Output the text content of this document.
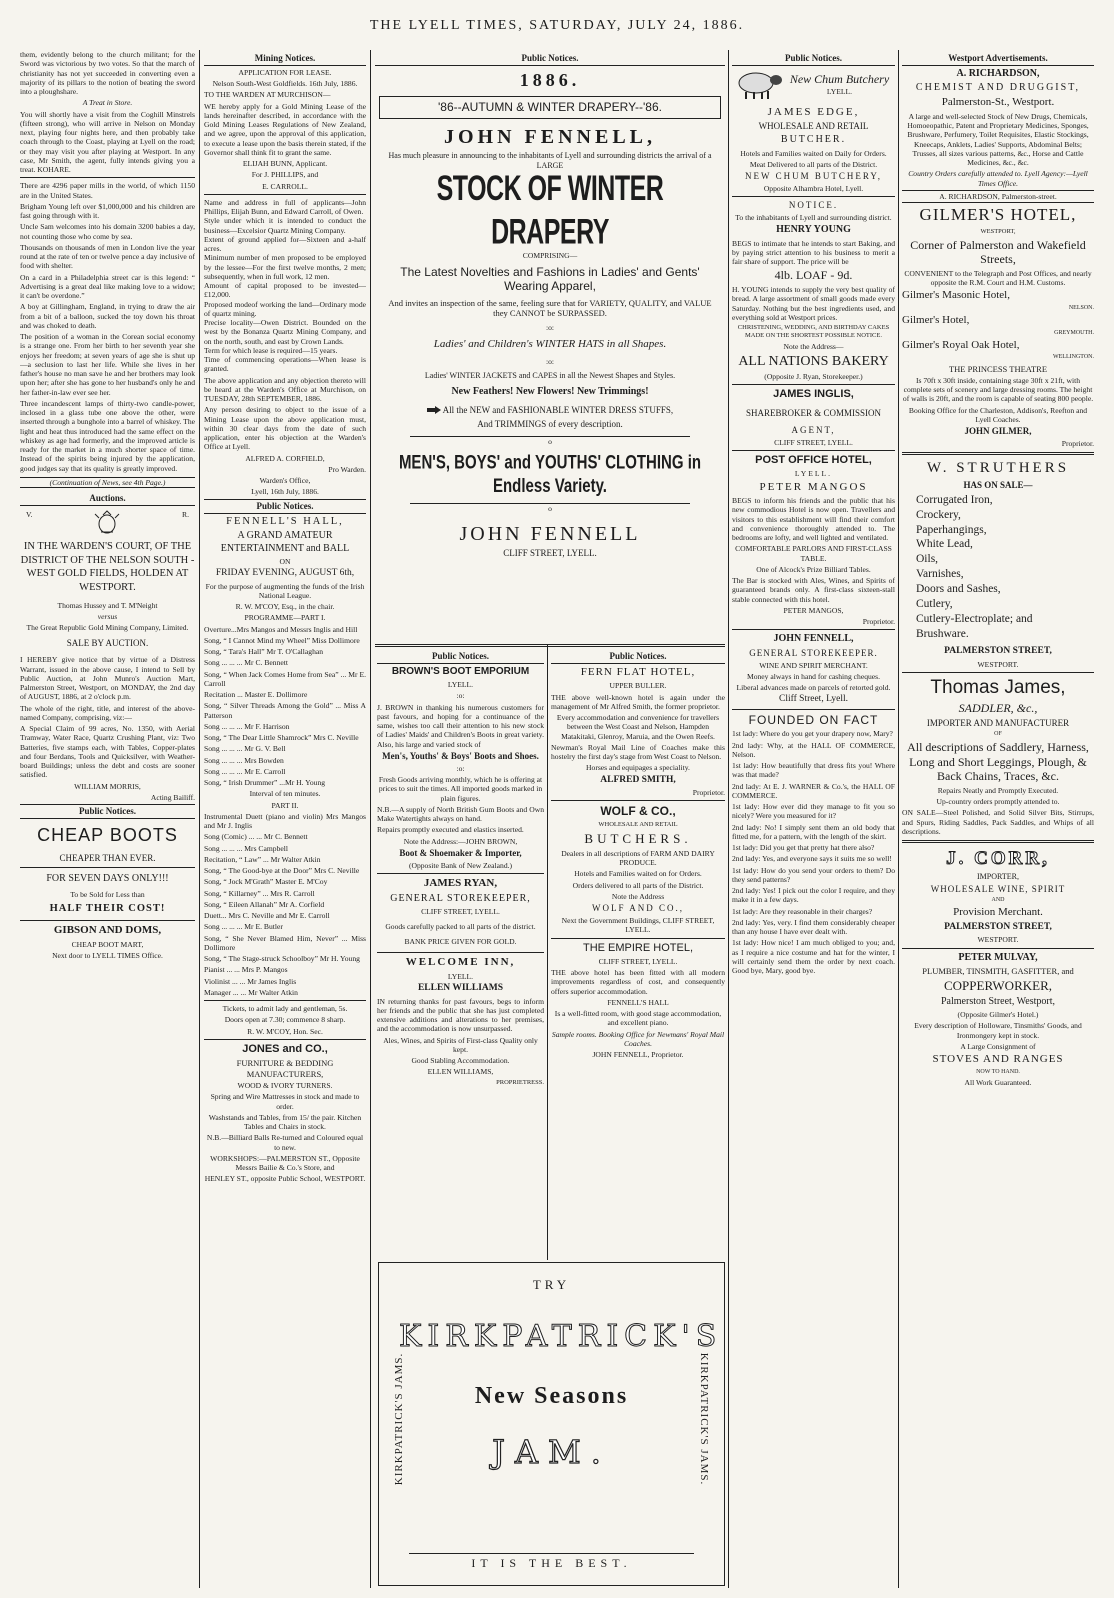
THE LYELL TIMES, SATURDAY, JULY 24, 1886.

them, evidently belong to the church militant; for the Sword was victorious by two votes. So that the march of christianity has not yet succeeded in converting even a majority of its pillars to the notion of beating the sword into a ploughshare.

A Treat in Store.

You will shortly have a visit from the Coghill Minstrels (fifteen strong), who will arrive in Nelson on Monday next, playing four nights here, and then probably take coach through to the Coast, playing at Lyell on the road; or they may visit you after playing at Westport. In any case, Mr Smith, the agent, fully intends giving you a treat. KOHARE.

There are 4296 paper mills in the world, of which 1150 are in the United States.

Brigham Young left over $1,000,000 and his children are fast going through with it.

Uncle Sam welcomes into his domain 3200 babies a day, not counting those who come by sea.

Thousands on thousands of men in London live the year round at the rate of ten or twelve pence a day inclusive of food with shelter.

On a card in a Philadelphia street car is this legend: “ Advertising is a great deal like making love to a widow; it can't be overdone.”

A boy at Gillingham, England, in trying to draw the air from a bit of a balloon, sucked the toy down his throat and was choked to death.

The position of a woman in the Corean social economy is a strange one. From her birth to her seventh year she enjoys her freedom; at seven years of age she is shut up—a seclusion to last her life. While she lives in her father's house no man save he and her brothers may look upon her; after she has gone to her husband's only he and her father-in-law ever see her.

Three incandescent lamps of thirty-two candle-power, inclosed in a glass tube one above the other, were inserted through a bunghole into a barrel of whiskey. The light and heat thus introduced had the same effect on the whiskey as age had formerly, and the improved article is ready for the market in a much shorter space of time. Instead of the spirits being injured by the application, good judges say that its quality is greatly improved.

(Continuation of News, see 4th Page.)

Auctions.
V.	R.

IN THE WARDEN'S COURT, OF THE DISTRICT OF THE NELSON SOUTH - WEST GOLD FIELDS, HOLDEN AT WESTPORT.

Thomas Hussey and T. M'Neight

versus

The Great Republic Gold Mining Company, Limited.

SALE BY AUCTION.

I HEREBY give notice that by virtue of a Distress Warrant, issued in the above cause, I intend to Sell by Public Auction, at John Munro's Auction Mart, Palmerston Street, Westport, on MONDAY, the 2nd day of AUGUST, 1886, at 2 o'clock p.m.

The whole of the right, title, and interest of the above-named Company, comprising, viz:—

A Special Claim of 99 acres, No. 1350, with Aerial Tramway, Water Race, Quartz Crushing Plant, viz: Two Batteries, five stamps each, with Tables, Copper-plates and four Berdans, Tools and Quicksilver, with Weather-board Buildings; unless the debt and costs are sooner satisfied.

WILLIAM MORRIS,

Acting Bailiff.

Public Notices.

CHEAP BOOTS

CHEAPER THAN EVER.

FOR SEVEN DAYS ONLY!!!

To be Sold for Less than

HALF THEIR COST!

GIBSON AND DOMS,

CHEAP BOOT MART,

Next door to LYELL TIMES Office.

Mining Notices.

APPLICATION FOR LEASE.

Nelson South-West Goldfields. 16th July, 1886.

TO THE WARDEN AT MURCHISON—

WE hereby apply for a Gold Mining Lease of the lands hereinafter described, in accordance with the Gold Mining Leases Regulations of New Zealand, and we agree, upon the approval of this application, to execute a lease upon the basis therein stated, if the Governor shall think fit to grant the same.

ELIJAH BUNN, Applicant.

For J. PHILLIPS, and

E. CARROLL.

Name and address in full of applicants—John Phillips, Elijah Bunn, and Edward Carroll, of Owen.
Style under which it is intended to conduct the business—Excelsior Quartz Mining Company.
Extent of ground applied for—Sixteen and a-half acres.
Minimum number of men proposed to be employed by the lessee—For the first twelve months, 2 men; subsequently, when in full work, 12 men.
Amount of capital proposed to be invested—£12,000.
Proposed modeof working the land—Ordinary mode of quartz mining.
Precise locality—Owen District. Bounded on the west by the Bonanza Quartz Mining Company, and on the north, south, and east by Crown Lands.
Term for which lease is required—15 years.
Time of commencing operations—When lease is granted.

The above application and any objection thereto will be heard at the Warden's Office at Murchison, on TUESDAY, 28th SEPTEMBER, 1886.

Any person desiring to object to the issue of a Mining Lease upon the above application must, within 30 clear days from the date of such application, enter his objection at the Warden's Office at Lyell.

ALFRED A. CORFIELD,

Pro Warden.

Warden's Office,

Lyell, 16th July, 1886.

Public Notices.

FENNELL'S HALL,

A GRAND AMATEUR ENTERTAINMENT and BALL

ON

FRIDAY EVENING, AUGUST 6th,

For the purpose of augmenting the funds of the Irish National League.

R. W. M'COY, Esq., in the chair.

PROGRAMME—PART I.

Overture...Mrs Mangos and Messrs Inglis and Hill

Song, “ I Cannot Mind my Wheel” Miss Dollimore

Song, “ Tara's Hall” Mr T. O'Callaghan

Song ... ... ... Mr C. Bennett

Song, “ When Jack Comes Home from Sea” ... Mr E. Carroll

Recitation ... Master E. Dollimore

Song, “ Silver Threads Among the Gold” ... Miss A Patterson

Song ... ... ... Mr F. Harrison

Song, “ The Dear Little Shamrock” Mrs C. Neville

Song ... ... ... Mr G. V. Bell

Song ... ... ... Mrs Bowden

Song ... ... ... Mr E. Carroll

Song, “ Irish Drummer” ...Mr H. Young

Interval of ten minutes.

PART II.

Instrumental Duett (piano and violin) Mrs Mangos and Mr J. Inglis

Song (Comic) ... ... Mr C. Bennett

Song ... ... ... Mrs Campbell

Recitation, “ Law” ... Mr Walter Atkin

Song, “ The Good-bye at the Door” Mrs C. Neville

Song, “ Jock M'Grath” Master E. M'Coy

Song, “ Killarney” ... Mrs R. Carroll

Song, “ Eileen Allanah” Mr A. Corfield

Duett... Mrs C. Neville and Mr E. Carroll

Song ... ... ... Mr E. Butler

Song, “ She Never Blamed Him, Never” ... Miss Dollimore

Song, “ The Stage-struck Schoolboy” Mr H. Young

Pianist ... ... Mrs P. Mangos

Violinist ... ... Mr James Inglis

Manager ... ... Mr Walter Atkin

Tickets, to admit lady and gentleman, 5s.

Doors open at 7.30; commence 8 sharp.

R. W. M'COY, Hon. Sec.

JONES and CO.,

FURNITURE & BEDDING MANUFACTURERS,

WOOD & IVORY TURNERS.

Spring and Wire Mattresses in stock and made to order.

Washstands and Tables, from 15/ the pair. Kitchen Tables and Chairs in stock.

N.B.—Billiard Balls Re-turned and Coloured equal to new.

WORKSHOPS:—PALMERSTON ST., Opposite Messrs Bailie & Co.'s Store, and

HENLEY ST., opposite Public School, WESTPORT.

Public Notices.

1886.

'86--AUTUMN & WINTER DRAPERY--'86.

JOHN FENNELL,

Has much pleasure in announcing to the inhabitants of Lyell and surrounding districts the arrival of a LARGE

STOCK OF WINTER DRAPERY

COMPRISING—

The Latest Novelties and Fashions in Ladies' and Gents' Wearing Apparel,

And invites an inspection of the same, feeling sure that for VARIETY, QUALITY, and VALUE they CANNOT be SURPASSED.

:o:

Ladies' and Children's WINTER HATS in all Shapes.

:o:

Ladies' WINTER JACKETS and CAPES in all the Newest Shapes and Styles.

New Feathers! New Flowers! New Trimmings!

All the NEW and FASHIONABLE WINTER DRESS STUFFS,

And TRIMMINGS of every description.

o

MEN'S, BOYS' and YOUTHS' CLOTHING in Endless Variety.

o

JOHN FENNELL

CLIFF STREET, LYELL.

Public Notices.

BROWN'S BOOT EMPORIUM

LYELL.

:o:

J. BROWN in thanking his numerous customers for past favours, and hoping for a continuance of the same, wishes too call their attention to his new stock of Ladies' Maids' and Children's Boots in great variety. Also, his large and varied stock of

Men's, Youths' & Boys' Boots and Shoes.

:o:

Fresh Goods arriving monthly, which he is offering at prices to suit the times. All imported goods marked in plain figures.

N.B.—A supply of North British Gum Boots and Own Make Watertights always on hand.

Repairs promptly executed and elastics inserted.

Note the Address:—JOHN BROWN,

Boot & Shoemaker & Importer,

(Opposite Bank of New Zealand.)

JAMES RYAN,

GENERAL STOREKEEPER,

CLIFF STREET, LYELL.

Goods carefully packed to all parts of the district.

BANK PRICE GIVEN FOR GOLD.

WELCOME INN,

LYELL.

ELLEN WILLIAMS

IN returning thanks for past favours, begs to inform her friends and the public that she has just completed extensive additions and alterations to her premises, and the accommodation is now unsurpassed.

Ales, Wines, and Spirits of First-class Quality only kept.

Good Stabling Accommodation.

ELLEN WILLIAMS,

PROPRIETRESS.

Public Notices.

FERN FLAT HOTEL,

UPPER BULLER.

THE above well-known hotel is again under the management of Mr Alfred Smith, the former proprietor.

Every accommodation and convenience for travellers between the West Coast and Nelson, Hampden Matakitaki, Glenroy, Maruia, and the Owen Reefs.

Newman's Royal Mail Line of Coaches make this hostelry the first day's stage from West Coast to Nelson.

Horses and equipages a speciality.

ALFRED SMITH,

Proprietor.

WOLF & CO.,

WHOLESALE AND RETAIL

BUTCHERS.

Dealers in all descriptions of FARM AND DAIRY PRODUCE.

Hotels and Families waited on for Orders.

Orders delivered to all parts of the District.

Note the Address

WOLF AND CO.,

Next the Government Buildings, CLIFF STREET, LYELL.

THE EMPIRE HOTEL,

CLIFF STREET, LYELL.

THE above hotel has been fitted with all modern improvements regardless of cost, and consequently offers superior accommodation.

FENNELL'S HALL

Is a well-fitted room, with good stage accommodation, and excellent piano.

Sample rooms. Booking Office for Newmans' Royal Mail Coaches.

JOHN FENNELL, Proprietor.

KIRKPATRICK'S JAMS.	KIRKPATRICK'S JAMS.
TRY
KIRKPATRICK'S
New Seasons
JAM.
IT IS THE BEST.
Public Notices.
New Chum Butchery
LYELL.

JAMES EDGE,

WHOLESALE AND RETAIL

BUTCHER.

Hotels and Families waited on Daily for Orders.

Meat Delivered to all parts of the District.

NEW CHUM BUTCHERY,

Opposite Alhambra Hotel, Lyell.

NOTICE.

To the inhabitants of Lyell and surrounding district.

HENRY YOUNG

BEGS to intimate that he intends to start Baking, and by paying strict attention to his business to merit a fair share of support. The price will be

4lb. LOAF - 9d.

H. YOUNG intends to supply the very best quality of bread. A large assortment of small goods made every Saturday. Nothing but the best ingredients used, and everything sold at Westport prices.

CHRISTENING, WEDDING, AND BIRTHDAY CAKES MADE ON THE SHORTEST POSSIBLE NOTICE.

Note the Address—

ALL NATIONS BAKERY

(Opposite J. Ryan, Storekeeper.)

JAMES INGLIS,

SHAREBROKER & COMMISSION

AGENT,

CLIFF STREET, LYELL.

POST OFFICE HOTEL,

LYELL.

PETER MANGOS

BEGS to inform his friends and the public that his new commodious Hotel is now open. Travellers and visitors to this establishment will find their comfort and convenience thoroughly attended to. The bedrooms are lofty, and well lighted and ventilated.

COMFORTABLE PARLORS AND FIRST-CLASS TABLE.

One of Alcock's Prize Billiard Tables.

The Bar is stocked with Ales, Wines, and Spirits of guaranteed brands only. A first-class sixteen-stall stable connected with this hotel.

PETER MANGOS,

Proprietor.

JOHN FENNELL,

GENERAL STOREKEEPER.

WINE AND SPIRIT MERCHANT.

Money always in hand for cashing cheques.

Liberal advances made on parcels of retorted gold.

Cliff Street, Lyell.

FOUNDED ON FACT

1st lady: Where do you get your drapery now, Mary?

2nd lady: Why, at the HALL OF COMMERCE, Nelson.

1st lady: How beautifully that dress fits you! Where was that made?

2nd lady: At E. J. WARNER & Co.'s, the HALL OF COMMERCE.

1st lady: How ever did they manage to fit you so nicely? Were you measured for it?

2nd lady: No! I simply sent them an old body that fitted me, for a pattern, with the length of the skirt.

1st lady: Did you get that pretty hat there also?

2nd lady: Yes, and everyone says it suits me so well!

1st lady: How do you send your orders to them? Do they send patterns?

2nd lady: Yes! I pick out the color I require, and they make it in a few days.

1st lady: Are they reasonable in their charges?

2nd lady: Yes, very. I find them considerably cheaper than any house I have ever dealt with.

1st lady: How nice! I am much obliged to you; and, as I require a nice costume and hat for the winter, I will certainly send them the order by next coach. Good bye, Mary, good bye.

Westport Advertisements.

A. RICHARDSON,

CHEMIST AND DRUGGIST,

Palmerston-St., Westport.

A large and well-selected Stock of New Drugs, Chemicals, Homoeopathic, Patent and Proprietary Medicines, Sponges, Brushware, Perfumery, Toilet Requisites, Elastic Stockings, Kneecaps, Anklets, Ladies' Supports, Abdominal Belts; Trusses, all sizes various patterns, &c., Horse and Cattle Medicines, &c., &c.

Country Orders carefully attended to. Lyell Agency:—Lyell Times Office.

A. RICHARDSON, Palmerston-street.

GILMER'S HOTEL,

WESTPORT,

Corner of Palmerston and Wakefield Streets,

CONVENIENT to the Telegraph and Post Offices, and nearly opposite the R.M. Court and H.M. Customs.

Gilmer's Masonic Hotel,

NELSON.

Gilmer's Hotel,

GREYMOUTH.

Gilmer's Royal Oak Hotel,

WELLINGTON.

THE PRINCESS THEATRE

Is 70ft x 30ft inside, containing stage 30ft x 21ft, with complete sets of scenery and large dressing rooms. The height of walls is 20ft, and the room is capable of seating 800 people.

Booking Office for the Charleston, Addison's, Reefton and Lyell Coaches.

JOHN GILMER,

Proprietor.

W. STRUTHERS

HAS ON SALE—

Corrugated Iron,
Crockery,
Paperhangings,
White Lead,
Oils,
Varnishes,
Doors and Sashes,
Cutlery,
Cutlery-Electroplate; and
Brushware.

PALMERSTON STREET,

WESTPORT.

Thomas James,

SADDLER, &c.,

IMPORTER AND MANUFACTURER

OF

All descriptions of Saddlery, Harness, Long and Short Leggings, Plough, & Back Chains, Traces, &c.

Repairs Neatly and Promptly Executed.

Up-country orders promptly attended to.

ON SALE—Steel Polished, and Solid Silver Bits, Stirrups, and Spurs, Riding Saddles, Pack Saddles, and Whips of all descriptions.

J. CORR,

IMPORTER,

WHOLESALE WINE, SPIRIT

AND

Provision Merchant.

PALMERSTON STREET,

WESTPORT.

PETER MULVAY,

PLUMBER, TINSMITH, GASFITTER, and

COPPERWORKER,

Palmerston Street, Westport,

(Opposite Gilmer's Hotel.)

Every description of Holloware, Tinsmiths' Goods, and Ironmongery kept in stock.

A Large Consignment of

STOVES AND RANGES

NOW TO HAND.

All Work Guaranteed.
